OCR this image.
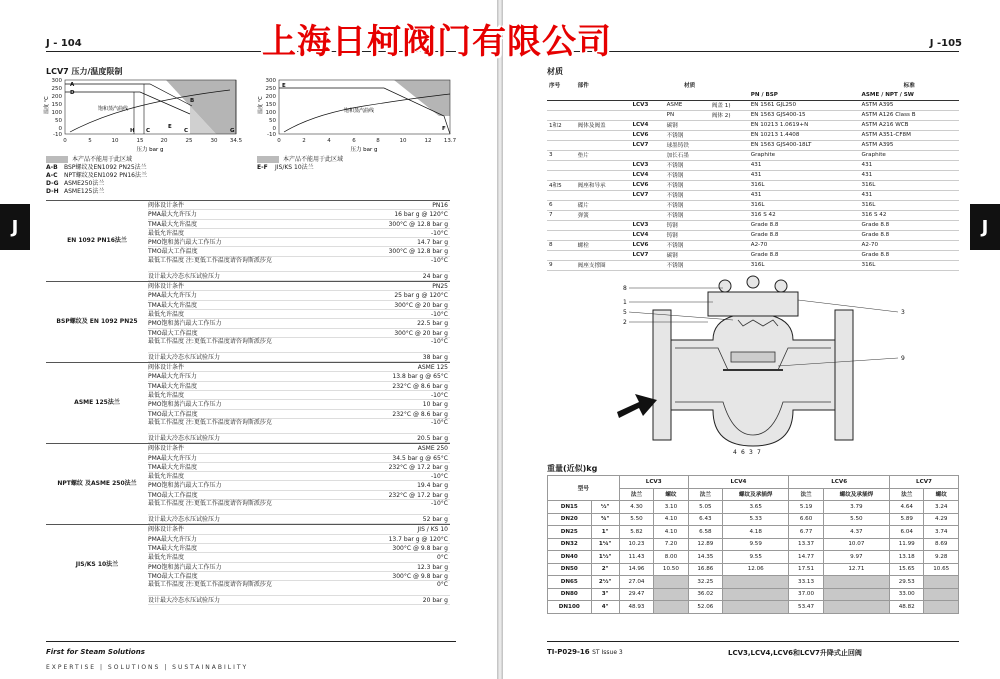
J - 104
LCV7 压力/温度限制
300
250
200
150
100
50
0
-10
温度 °C
A
B
C
D
H C
E
G
饱和蒸汽曲线
0	5	10	15	20	25	30 34.5
压力 bar g
300
250
200
150
100
50
0
-10
温度 °C
E
F
饱和蒸汽曲线
0	2	4	6	8	10	12 13.7
压力 bar g
本产品不能用于此区域
A-B BSP螺纹及EN1092 PN25法兰
A-C NPT螺纹及EN1092 PN16法兰
D-G ASME250法兰
D-H ASME125法兰
本产品不能用于此区域
E-F JIS/KS 10法兰
J
EN 1092 PN16法兰
阀体设计条件	PN16
PMA最大允许压力	16 bar g @ 120°C
TMA最大允许温度	300°C @ 12.8 bar g
最低允许温度	-10°C
PMO饱和蒸汽最大工作压力	14.7 bar g
TMO最大工作温度	300°C @ 12.8 bar g
最低工作温度 注:更低工作温度请咨询斯派莎克	-10°C
设计最大冷态水压试验压力	24 bar g
BSP螺纹及 EN 1092 PN25
阀体设计条件	PN25
PMA最大允许压力	25 bar g @ 120°C
TMA最大允许温度	300°C @ 20 bar g
最低允许温度	-10°C
PMO饱和蒸汽最大工作压力	22.5 bar g
TMO最大工作温度	300°C @ 20 bar g
最低工作温度 注:更低工作温度请咨询斯派莎克	-10°C
设计最大冷态水压试验压力	38 bar g
ASME 125法兰
阀体设计条件	ASME 125
PMA最大允许压力	13.8 bar g @ 65°C
TMA最大允许温度	232°C @ 8.6 bar g
最低允许温度	-10°C
PMO饱和蒸汽最大工作压力	10 bar g
TMO最大工作温度	232°C @ 8.6 bar g
最低工作温度 注:更低工作温度请咨询斯派莎克	-10°C
设计最大冷态水压试验压力	20.5 bar g
NPT螺纹 及ASME 250法兰
阀体设计条件	ASME 250
PMA最大允许压力	34.5 bar g @ 65°C
TMA最大允许温度	232°C @ 17.2 bar g
最低允许温度	-10°C
PMO饱和蒸汽最大工作压力	19.4 bar g
TMO最大工作温度	232°C @ 17.2 bar g
最低工作温度 注:更低工作温度请咨询斯派莎克	-10°C
设计最大冷态水压试验压力	52 bar g
JIS/KS 10法兰
阀体设计条件	JIS / KS 10
PMA最大允许压力	13.7 bar g @ 120°C
TMA最大允许温度	300°C @ 9.8 bar g
最低允许温度	0°C
PMO饱和蒸汽最大工作压力	12.3 bar g
TMO最大工作温度	300°C @ 9.8 bar g
最低工作温度 注:更低工作温度请咨询斯派莎克	0°C
设计最大冷态水压试验压力	20 bar g
First for Steam Solutions
EXPERTISE | SOLUTIONS | SUSTAINABILITY
J -105
材质
序号	部件	材质				标准
					PN / BSP	ASME / NPT / SW
		LCV3	ASME	阀盖 1)	EN 1561 GJL250	ASTM A395
			PN	阀体 2)	EN 1563 GJS400-15	ASTM A126 Class B
1和2	阀体及阀盖	LCV4	碳钢		EN 10213 1.0619+N	ASTM A216 WCB
		LCV6	不锈钢		EN 10213 1.4408	ASTM A351-CF8M
		LCV7	球墨铸铁		EN 1563 GJS400-18LT	ASTM A395
3	垫片		加长石墨		Graphite	Graphite
		LCV3	不锈钢		431	431
		LCV4	不锈钢		431	431
4和5	阀座和导承	LCV6	不锈钢		316L	316L
		LCV7	不锈钢		431	431
6	碟片		不锈钢		316L	316L
7	弹簧		不锈钢		316 S 42	316 S 42
		LCV3	铸钢		Grade 8.8	Grade 8.8
		LCV4	铸钢		Grade 8.8	Grade 8.8
8	螺栓	LCV6	不锈钢		A2-70	A2-70
		LCV7	碳钢		Grade 8.8	Grade 8.8
9	阀座支撑圈		不锈钢		316L	316L
8
1
5
2
3
9
4 6 3 7
重量(近似)kg
型号		LCV3		LCV4		LCV6		LCV7	
		法兰	螺纹	法兰	螺纹及承插焊	法兰	螺纹及承插焊	法兰	螺纹
DN15	½"	4.30	3.10	5.05	3.65	5.19	3.79	4.64	3.24
DN20	¾"	5.50	4.10	6.43	5.33	6.60	5.50	5.89	4.29
DN25	1"	5.82	4.10	6.58	4.18	6.77	4.37	6.04	3.74
DN32	1¼"	10.23	7.20	12.89	9.59	13.37	10.07	11.99	8.69
DN40	1½"	11.43	8.00	14.35	9.55	14.77	9.97	13.18	9.28
DN50	2"	14.96	10.50	16.86	12.06	17.51	12.71	15.65	10.65
DN65	2½"	27.04		32.25		33.13		29.53	
DN80	3"	29.47		36.02		37.00		33.00	
DN100	4"	48.93		52.06		53.47		48.82	
J
TI-P029-16 ST Issue 3	LCV3,LCV4,LCV6和LCV7升降式止回阀
上海日柯阀门有限公司
